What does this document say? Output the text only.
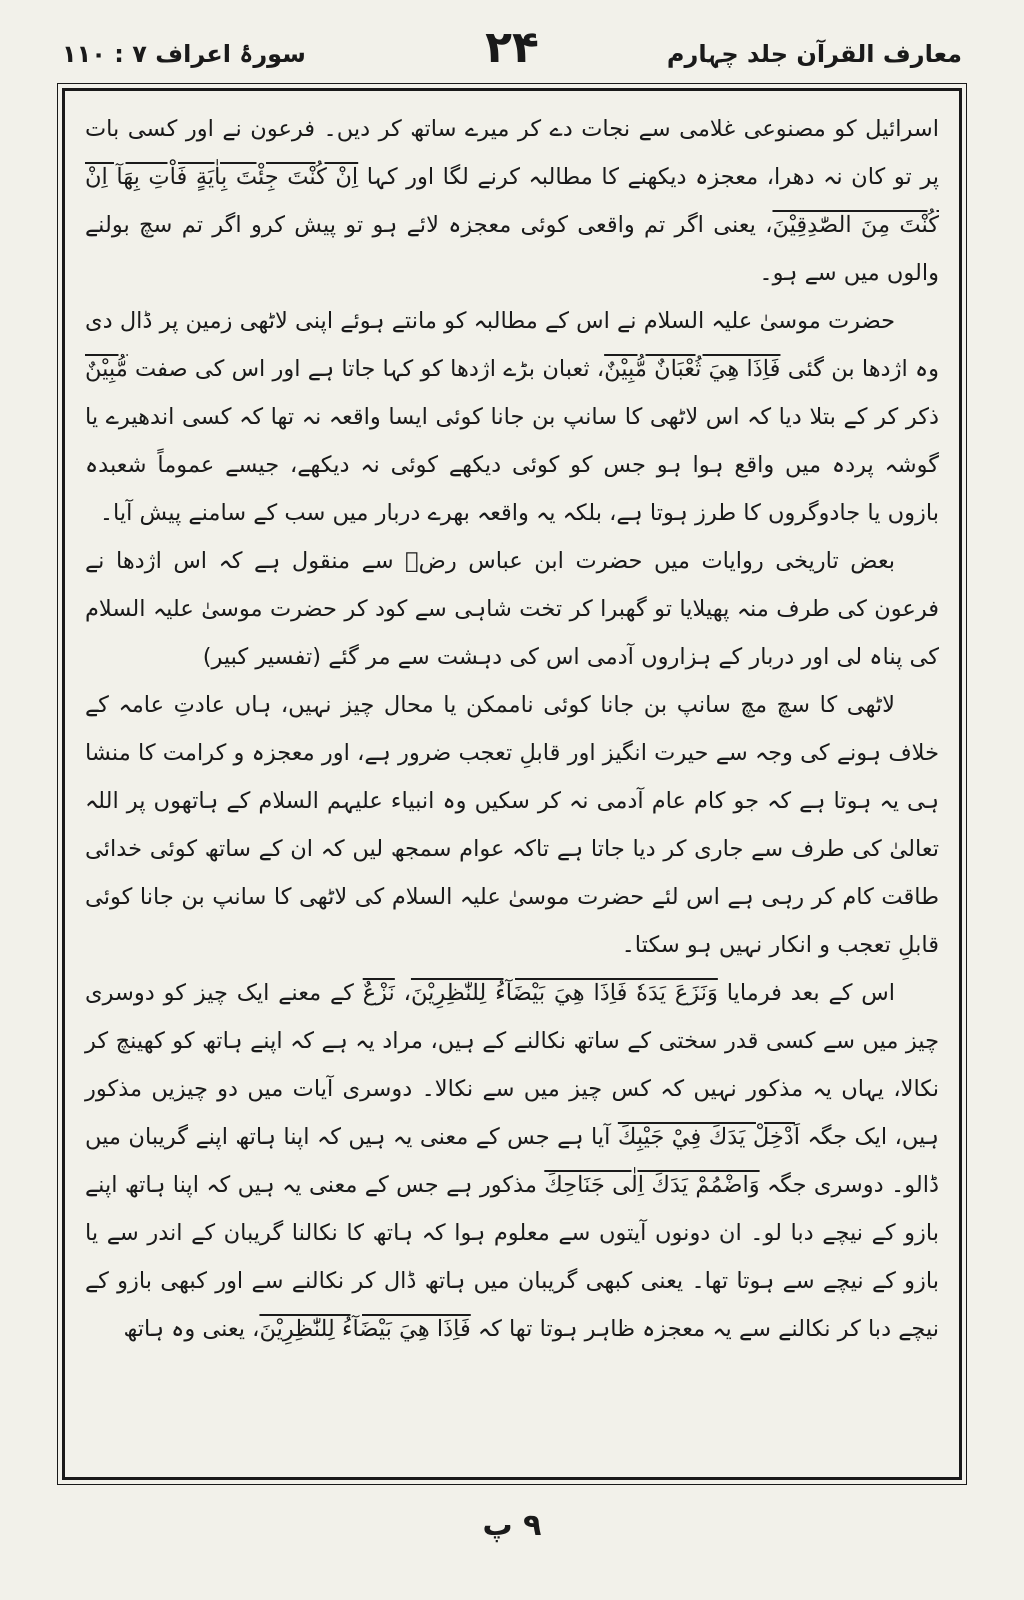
معارف القرآن جلد چہارم
۲۴
سورۂ اعراف ۷ : ۱۱۰

اسرائیل کو مصنوعی غلامی سے نجات دے کر میرے ساتھ کر دیں۔ فرعون نے اور کسی بات پر تو کان نہ دھرا، معجزہ دیکھنے کا مطالبہ کرنے لگا اور کہا اِنْ كُنْتَ جِئْتَ بِاٰيَةٍ فَاْتِ بِهَآ اِنْ كُنْتَ مِنَ الصّٰدِقِيْنَ، یعنی اگر تم واقعی کوئی معجزہ لائے ہو تو پیش کرو اگر تم سچ بولنے والوں میں سے ہو۔

حضرت موسیٰ علیہ السلام نے اس کے مطالبہ کو مانتے ہوئے اپنی لاٹھی زمین پر ڈال دی وہ اژدھا بن گئی فَاِذَا هِيَ ثُعْبَانٌ مُّبِيْنٌ، ثعبان بڑے اژدھا کو کہا جاتا ہے اور اس کی صفت مُّبِيْنٌ ذکر کر کے بتلا دیا کہ اس لاٹھی کا سانپ بن جانا کوئی ایسا واقعہ نہ تھا کہ کسی اندھیرے یا گوشہ پردہ میں واقع ہوا ہو جس کو کوئی دیکھے کوئی نہ دیکھے، جیسے عموماً شعبدہ بازوں یا جادوگروں کا طرز ہوتا ہے، بلکہ یہ واقعہ بھرے دربار میں سب کے سامنے پیش آیا۔

بعض تاریخی روایات میں حضرت ابن عباس رضؓ سے منقول ہے کہ اس اژدھا نے فرعون کی طرف منہ پھیلایا تو گھبرا کر تخت شاہی سے کود کر حضرت موسیٰ علیہ السلام کی پناہ لی اور دربار کے ہزاروں آدمی اس کی دہشت سے مر گئے (تفسیر کبیر)

لاٹھی کا سچ مچ سانپ بن جانا کوئی ناممکن یا محال چیز نہیں، ہاں عادتِ عامہ کے خلاف ہونے کی وجہ سے حیرت انگیز اور قابلِ تعجب ضرور ہے، اور معجزہ و کرامت کا منشا ہی یہ ہوتا ہے کہ جو کام عام آدمی نہ کر سکیں وہ انبیاء علیہم السلام کے ہاتھوں پر اللہ تعالیٰ کی طرف سے جاری کر دیا جاتا ہے تاکہ عوام سمجھ لیں کہ ان کے ساتھ کوئی خدائی طاقت کام کر رہی ہے اس لئے حضرت موسیٰ علیہ السلام کی لاٹھی کا سانپ بن جانا کوئی قابلِ تعجب و انکار نہیں ہو سکتا۔

اس کے بعد فرمایا وَنَزَعَ يَدَهٗ فَاِذَا هِيَ بَيْضَآءُ لِلنّٰظِرِيْنَ، نَزْعٌ کے معنے ایک چیز کو دوسری چیز میں سے کسی قدر سختی کے ساتھ نکالنے کے ہیں، مراد یہ ہے کہ اپنے ہاتھ کو کھینچ کر نکالا، یہاں یہ مذکور نہیں کہ کس چیز میں سے نکالا۔ دوسری آیات میں دو چیزیں مذکور ہیں، ایک جگہ اَدْخِلْ يَدَكَ فِيْ جَيْبِكَ آیا ہے جس کے معنی یہ ہیں کہ اپنا ہاتھ اپنے گریبان میں ڈالو۔ دوسری جگہ وَاضْمُمْ يَدَكَ اِلٰى جَنَاحِكَ مذکور ہے جس کے معنی یہ ہیں کہ اپنا ہاتھ اپنے بازو کے نیچے دبا لو۔ ان دونوں آیتوں سے معلوم ہوا کہ ہاتھ کا نکالنا گریبان کے اندر سے یا بازو کے نیچے سے ہوتا تھا۔ یعنی کبھی گریبان میں ہاتھ ڈال کر نکالنے سے اور کبھی بازو کے نیچے دبا کر نکالنے سے یہ معجزہ ظاہر ہوتا تھا کہ فَاِذَا هِيَ بَيْضَآءُ لِلنّٰظِرِيْنَ، یعنی وہ ہاتھ

۹ پ
